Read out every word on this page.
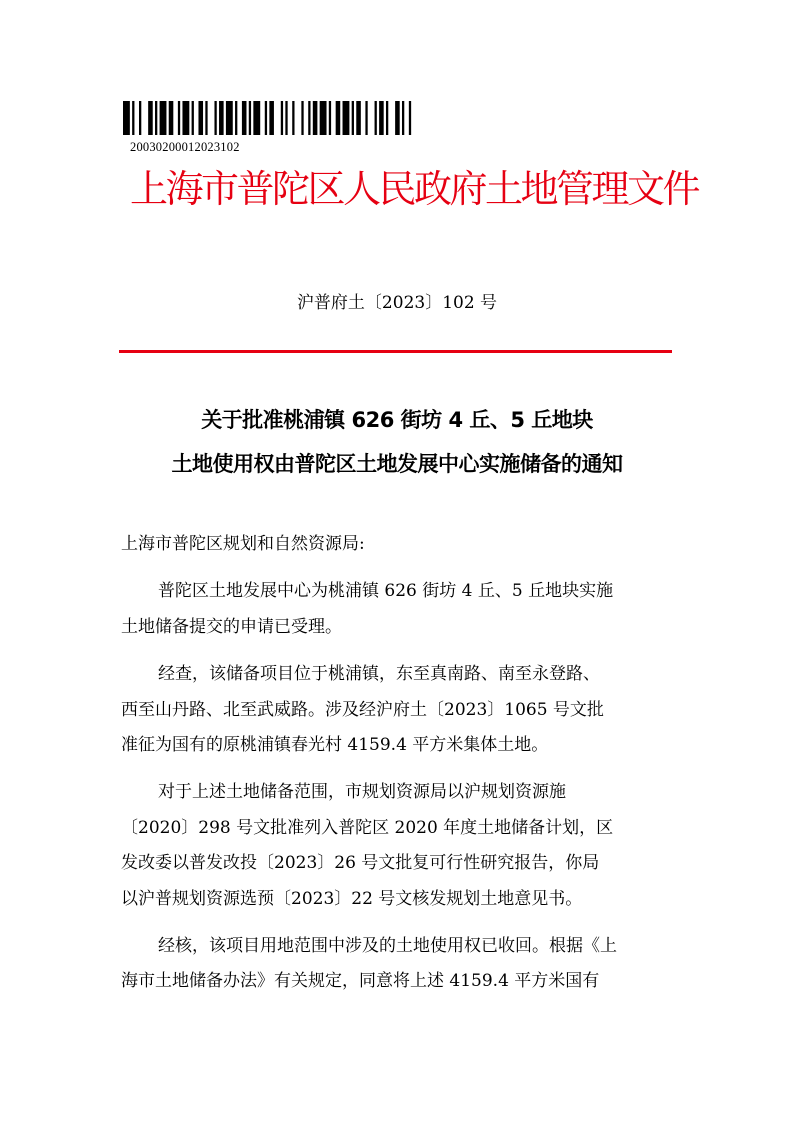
20030200012023102
上海市普陀区人民政府土地管理文件
沪普府土〔2023〕102 号
关于批准桃浦镇 626 街坊 4 丘、5 丘地块
土地使用权由普陀区土地发展中心实施储备的通知
上海市普陀区规划和自然资源局:
普陀区土地发展中心为桃浦镇 626 街坊 4 丘、5 丘地块实施
土地储备提交的申请已受理。
经查，该储备项目位于桃浦镇，东至真南路、南至永登路、
西至山丹路、北至武威路。涉及经沪府土〔2023〕1065 号文批
准征为国有的原桃浦镇春光村 4159.4 平方米集体土地。
对于上述土地储备范围，市规划资源局以沪规划资源施
〔2020〕298 号文批准列入普陀区 2020 年度土地储备计划，区
发改委以普发改投〔2023〕26 号文批复可行性研究报告，你局
以沪普规划资源选预〔2023〕22 号文核发规划土地意见书。
经核，该项目用地范围中涉及的土地使用权已收回。根据《上
海市土地储备办法》有关规定，同意将上述 4159.4 平方米国有
